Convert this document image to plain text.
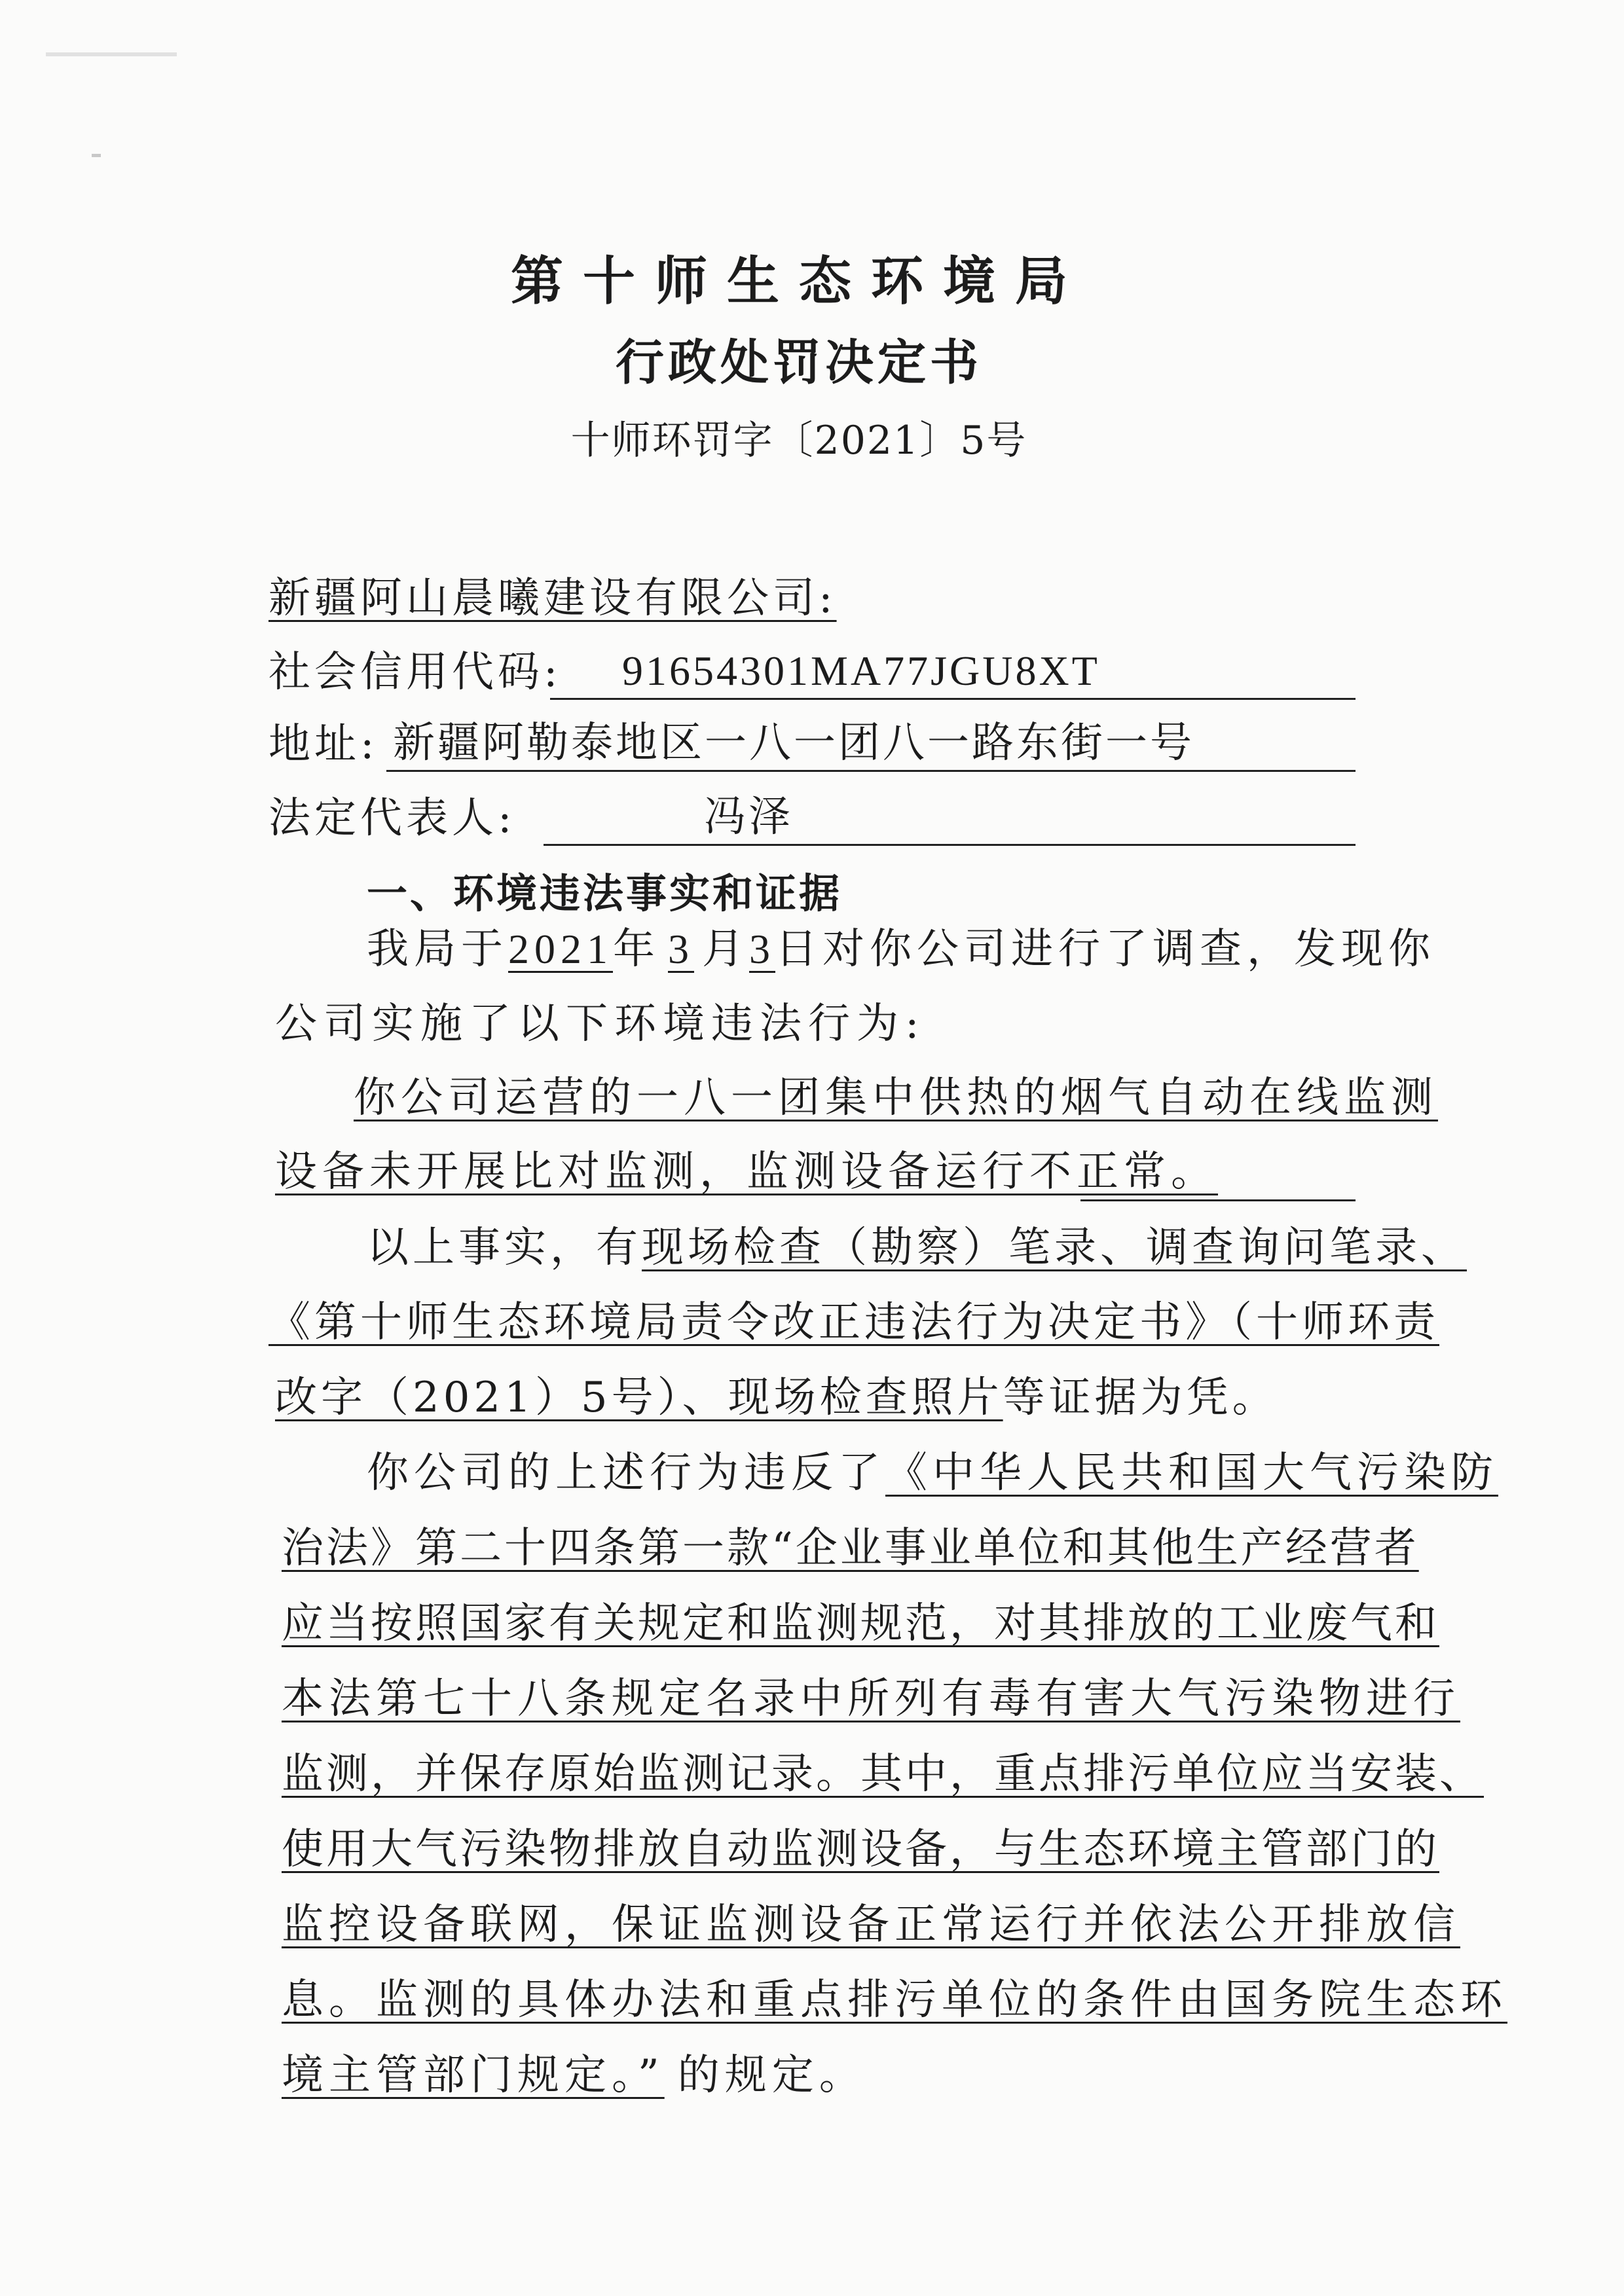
第十师生态环境局
行政处罚决定书
十师环罚字〔2021〕5号
新疆阿山晨曦建设有限公司:
社会信用代码: 91654301MA77JGU8XT
地址: 新疆阿勒泰地区一八一团八一路东街一号
法定代表人:	冯泽
一、环境违法事实和证据
我局于2021年 3 月3日对你公司进行了调查，发现你
公司实施了以下环境违法行为:
你公司运营的一八一团集中供热的烟气自动在线监测
设备未开展比对监测，监测设备运行不正常。
以上事实，有现场检查（勘察）笔录、调查询问笔录、
《第十师生态环境局责令改正违法行为决定书》（十师环责
改字（2021）5号）、现场检查照片等证据为凭。
你公司的上述行为违反了《中华人民共和国大气污染防
治法》第二十四条第一款“企业事业单位和其他生产经营者
应当按照国家有关规定和监测规范，对其排放的工业废气和
本法第七十八条规定名录中所列有毒有害大气污染物进行
监测，并保存原始监测记录。其中，重点排污单位应当安装、
使用大气污染物排放自动监测设备，与生态环境主管部门的
监控设备联网，保证监测设备正常运行并依法公开排放信
息。监测的具体办法和重点排污单位的条件由国务院生态环
境主管部门规定。” 的规定。
